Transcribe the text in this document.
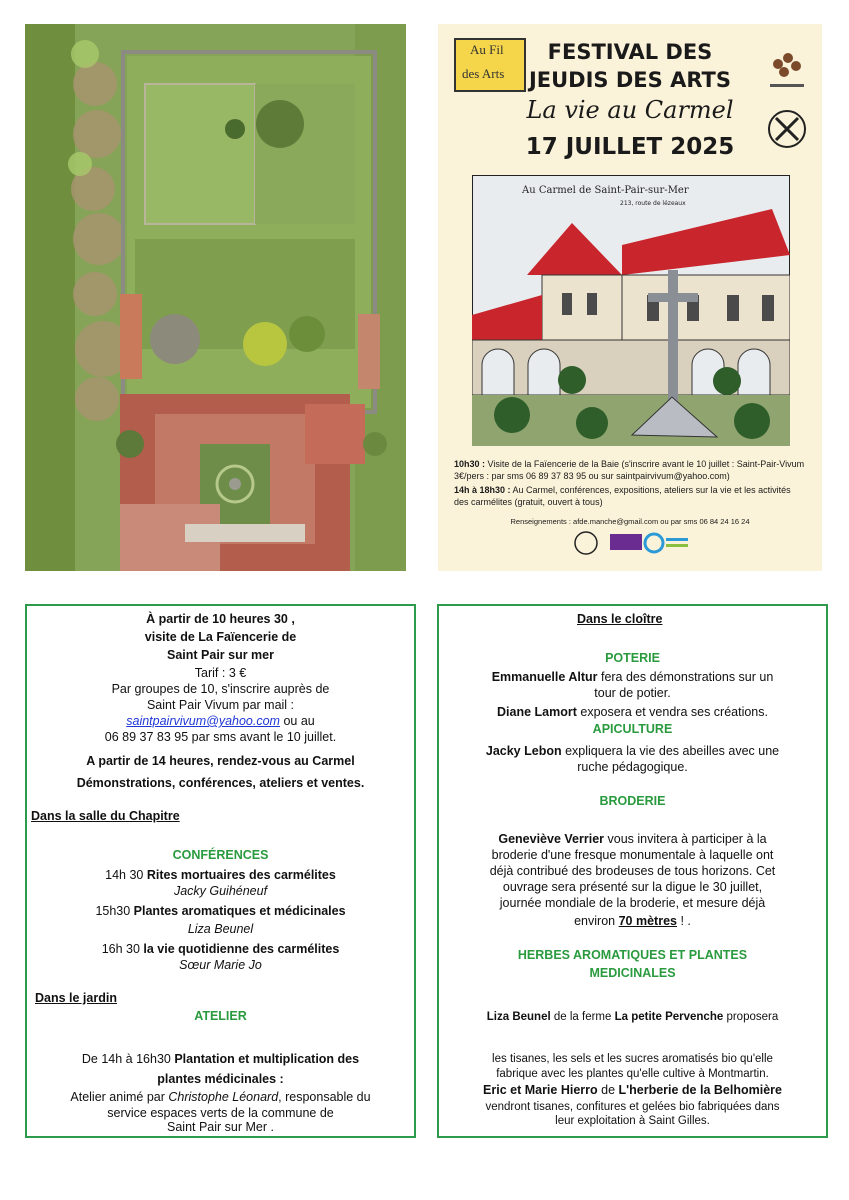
Au Fil
des Arts
FESTIVAL DES
JEUDIS DES ARTS
La vie au Carmel
17 JUILLET 2025
Au Carmel de Saint-Pair-sur-Mer
213, route de lézeaux
10h30 : Visite de la Faïencerie de la Baie (s'inscrire avant le 10 juillet : Saint-Pair-Vivum 3€/pers : par sms 06 89 37 83 95 ou sur saintpairvivum@yahoo.com)
14h à 18h30 : Au Carmel, conférences, expositions, ateliers sur la vie et les activités des carmélites (gratuit, ouvert à tous)
Renseignements : afde.manche@gmail.com ou par sms 06 84 24 16 24
À partir de 10 heures 30 ,
visite de La Faïencerie de
Saint Pair sur mer
Tarif : 3 €
Par groupes de 10, s'inscrire auprès de
Saint Pair Vivum par mail :
saintpairvivum@yahoo.com ou au
06 89 37 83 95 par sms avant le 10 juillet.
A partir de 14 heures, rendez-vous au Carmel
Démonstrations, conférences, ateliers et ventes.
Dans la salle du Chapitre
CONFÉRENCES
14h 30 Rites mortuaires des carmélites
Jacky Guihéneuf
15h30 Plantes aromatiques et médicinales
Liza Beunel
16h 30 la vie quotidienne des carmélites
Sœur Marie Jo
Dans le jardin
ATELIER
De 14h à 16h30 Plantation et multiplication des
plantes médicinales :
Atelier animé par Christophe Léonard, responsable du
service espaces verts de la commune de
Saint Pair sur Mer .
Dans le cloître
POTERIE
Emmanuelle Altur fera des démonstrations sur un
tour de potier.
Diane Lamort exposera et vendra ses créations.
APICULTURE
Jacky Lebon expliquera la vie des abeilles avec une
ruche pédagogique.
BRODERIE
Geneviève Verrier vous invitera à participer à la
broderie d'une fresque monumentale à laquelle ont
déjà contribué des brodeuses de tous horizons. Cet
ouvrage sera présenté sur la digue le 30 juillet,
journée mondiale de la broderie, et mesure déjà
environ 70 mètres ! .
HERBES AROMATIQUES ET PLANTES
MEDICINALES
Liza Beunel de la ferme La petite Pervenche proposera
les tisanes, les sels et les sucres aromatisés bio qu'elle
fabrique avec les plantes qu'elle cultive à Montmartin.
Eric et Marie Hierro de L'herberie de la Belhomière
vendront tisanes, confitures et gelées bio fabriquées dans
leur exploitation à Saint Gilles.
